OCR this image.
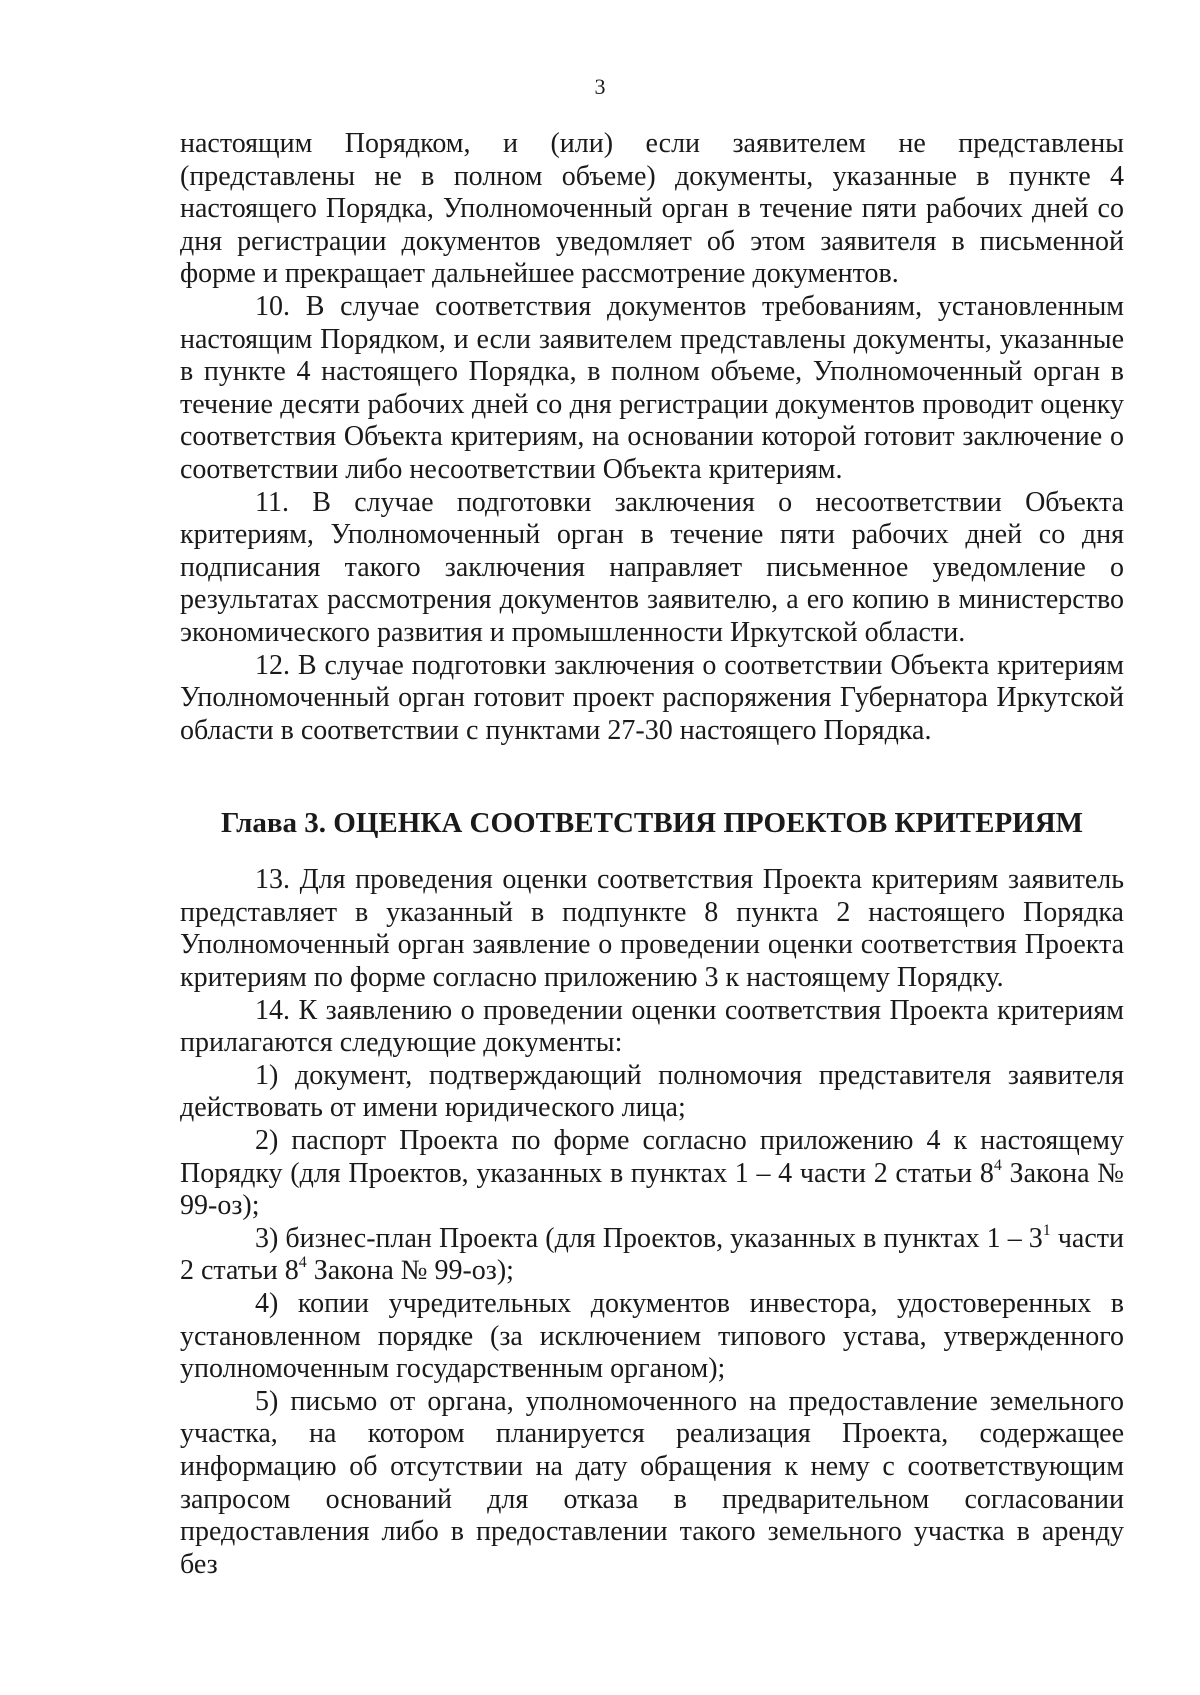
3

настоящим Порядком, и (или) если заявителем не представлены (представлены не в полном объеме) документы, указанные в пункте 4 настоящего Порядка, Уполномоченный орган в течение пяти рабочих дней со дня регистрации документов уведомляет об этом заявителя в письменной форме и прекращает дальнейшее рассмотрение документов.

10. В случае соответствия документов требованиям, установленным настоящим Порядком, и если заявителем представлены документы, указанные в пункте 4 настоящего Порядка, в полном объеме, Уполномоченный орган в течение десяти рабочих дней со дня регистрации документов проводит оценку соответствия Объекта критериям, на основании которой готовит заключение о соответствии либо несоответствии Объекта критериям.

11. В случае подготовки заключения о несоответствии Объекта критериям, Уполномоченный орган в течение пяти рабочих дней со дня подписания такого заключения направляет письменное уведомление о результатах рассмотрения документов заявителю, а его копию в министерство экономического развития и промышленности Иркутской области.

12. В случае подготовки заключения о соответствии Объекта критериям Уполномоченный орган готовит проект распоряжения Губернатора Иркутской области в соответствии с пунктами 27-30 настоящего Порядка.

Глава 3. ОЦЕНКА СООТВЕТСТВИЯ ПРОЕКТОВ КРИТЕРИЯМ

13. Для проведения оценки соответствия Проекта критериям заявитель представляет в указанный в подпункте 8 пункта 2 настоящего Порядка Уполномоченный орган заявление о проведении оценки соответствия Проекта критериям по форме согласно приложению 3 к настоящему Порядку.

14. К заявлению о проведении оценки соответствия Проекта критериям прилагаются следующие документы:

1) документ, подтверждающий полномочия представителя заявителя действовать от имени юридического лица;

2) паспорт Проекта по форме согласно приложению 4 к настоящему Порядку (для Проектов, указанных в пунктах 1 – 4 части 2 статьи $8^4$ Закона № 99-оз);

3) бизнес-план Проекта (для Проектов, указанных в пунктах $1 - 3^1$ части 2 статьи $8^4$ Закона № 99-оз);

4) копии учредительных документов инвестора, удостоверенных в установленном порядке (за исключением типового устава, утвержденного уполномоченным государственным органом);

5) письмо от органа, уполномоченного на предоставление земельного участка, на котором планируется реализация Проекта, содержащее информацию об отсутствии на дату обращения к нему с соответствующим запросом оснований для отказа в предварительном согласовании предоставления либо в предоставлении такого земельного участка в аренду без
